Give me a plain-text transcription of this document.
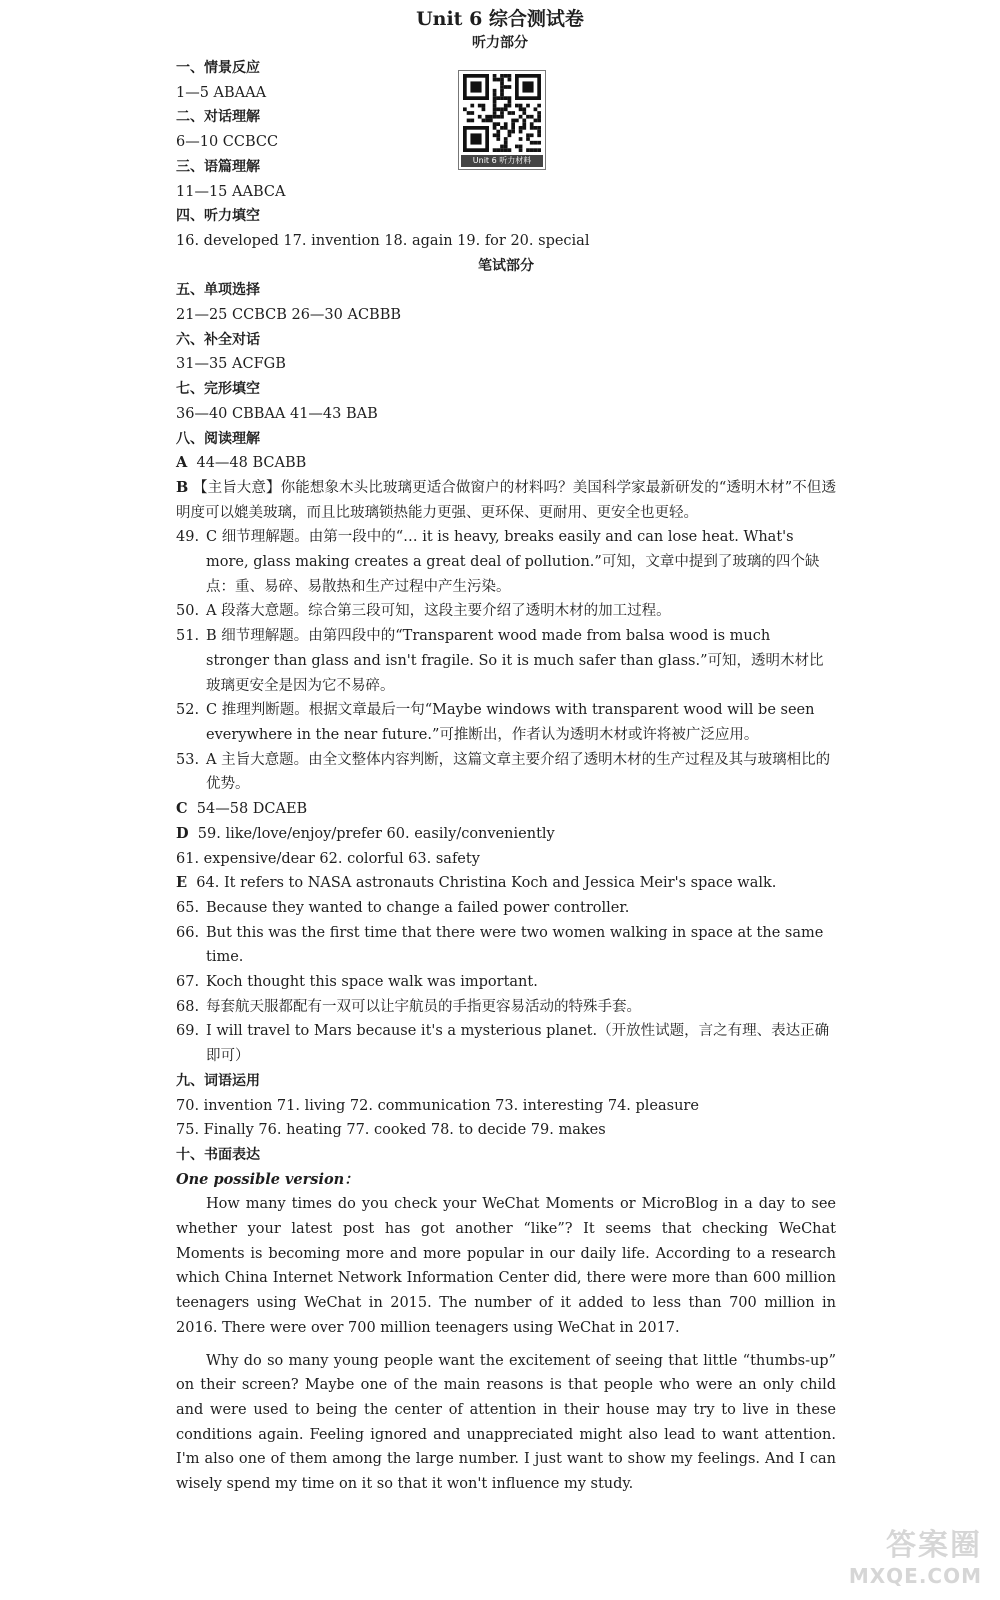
Unit 6 综合测试卷
听力部分
Unit 6 听力材料
一、情景反应
1—5 ABAAA
二、对话理解
6—10 CCBCC
三、语篇理解
11—15 AABCA
四、听力填空
16. developed 17. invention 18. again 19. for 20. special
笔试部分
五、单项选择
21—25 CCBCB 26—30 ACBBB
六、补全对话
31—35 ACFGB
七、完形填空
36—40 CBBAA 41—43 BAB
八、阅读理解
A 44—48 BCABB
B 【主旨大意】你能想象木头比玻璃更适合做窗户的材料吗？美国科学家最新研发的“透明木材”不但透明度可以媲美玻璃，而且比玻璃锁热能力更强、更环保、更耐用、更安全也更轻。
49. C 细节理解题。由第一段中的“… it is heavy, breaks easily and can lose heat. What's more, glass making creates a great deal of pollution.”可知，文章中提到了玻璃的四个缺点：重、易碎、易散热和生产过程中产生污染。
50. A 段落大意题。综合第三段可知，这段主要介绍了透明木材的加工过程。
51. B 细节理解题。由第四段中的“Transparent wood made from balsa wood is much stronger than glass and isn't fragile. So it is much safer than glass.”可知，透明木材比玻璃更安全是因为它不易碎。
52. C 推理判断题。根据文章最后一句“Maybe windows with transparent wood will be seen everywhere in the near future.”可推断出，作者认为透明木材或许将被广泛应用。
53. A 主旨大意题。由全文整体内容判断，这篇文章主要介绍了透明木材的生产过程及其与玻璃相比的优势。
C 54—58 DCAEB
D 59. like/love/enjoy/prefer 60. easily/conveniently
61. expensive/dear 62. colorful 63. safety
E 64. It refers to NASA astronauts Christina Koch and Jessica Meir's space walk.
65. Because they wanted to change a failed power controller.
66. But this was the first time that there were two women walking in space at the same time.
67. Koch thought this space walk was important.
68. 每套航天服都配有一双可以让宇航员的手指更容易活动的特殊手套。
69. I will travel to Mars because it's a mysterious planet.（开放性试题，言之有理、表达正确即可）
九、词语运用
70. invention 71. living 72. communication 73. interesting 74. pleasure
75. Finally 76. heating 77. cooked 78. to decide 79. makes
十、书面表达
One possible version：
How many times do you check your WeChat Moments or MicroBlog in a day to see whether your latest post has got another “like”? It seems that checking WeChat Moments is becoming more and more popular in our daily life. According to a research which China Internet Network Information Center did, there were more than 600 million teenagers using WeChat in 2015. The number of it added to less than 700 million in 2016. There were over 700 million teenagers using WeChat in 2017.
Why do so many young people want the excitement of seeing that little “thumbs-up” on their screen? Maybe one of the main reasons is that people who were an only child and were used to being the center of attention in their house may try to live in these conditions again. Feeling ignored and unappreciated might also lead to want attention. I'm also one of them among the large number. I just want to show my feelings. And I can wisely spend my time on it so that it won't influence my study.
答案圈
MXQE.COM
